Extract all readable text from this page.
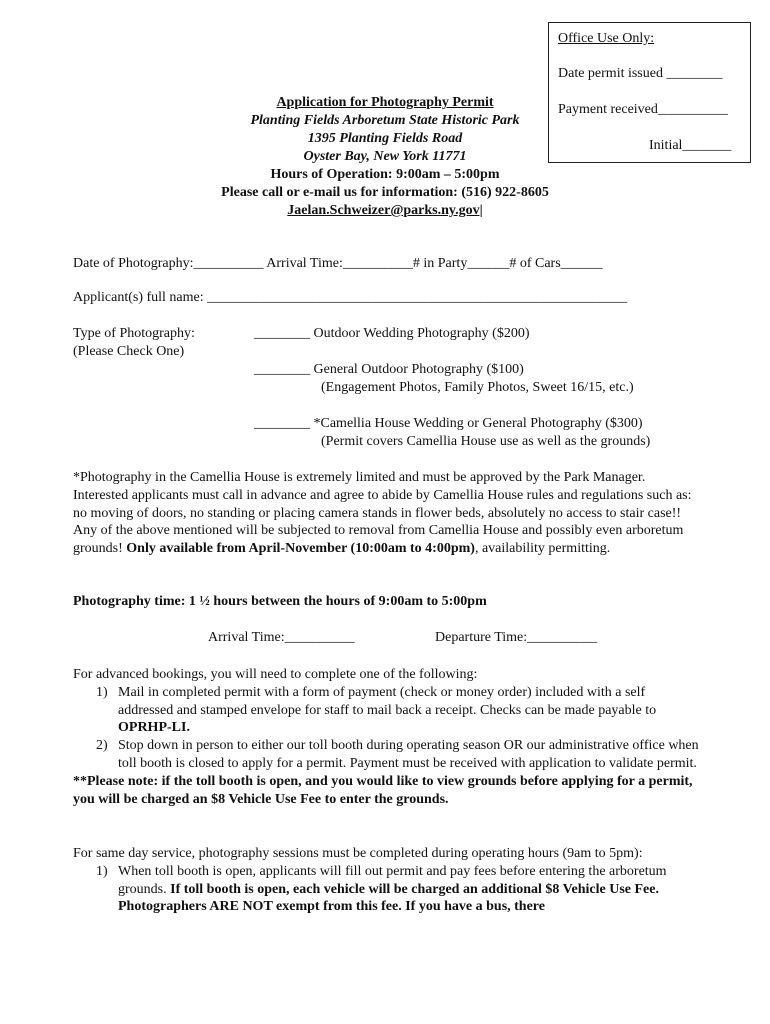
Office Use Only:
Date permit issued ________
Payment received__________
Initial_______
Application for Photography Permit
Planting Fields Arboretum State Historic Park
1395 Planting Fields Road
Oyster Bay, New York 11771
Hours of Operation: 9:00am – 5:00pm
Please call or e-mail us for information: (516) 922-8605
Jaelan.Schweizer@parks.ny.gov|
Date of Photography:__________ Arrival Time:__________# in Party______# of Cars______
Applicant(s) full name: ____________________________________________________________
Type of Photography:
(Please Check One)
________ Outdoor Wedding Photography ($200)
________ General Outdoor Photography ($100)
(Engagement Photos, Family Photos, Sweet 16/15, etc.)
________ *Camellia House Wedding or General Photography ($300)
(Permit covers Camellia House use as well as the grounds)
*Photography in the Camellia House is extremely limited and must be approved by the Park Manager. Interested applicants must call in advance and agree to abide by Camellia House rules and regulations such as: no moving of doors, no standing or placing camera stands in flower beds, absolutely no access to stair case!! Any of the above mentioned will be subjected to removal from Camellia House and possibly even arboretum grounds! Only available from April-November (10:00am to 4:00pm), availability permitting.
Photography time: 1 ½ hours between the hours of 9:00am to 5:00pm
Arrival Time:__________	Departure Time:__________
For advanced bookings, you will need to complete one of the following:
1) Mail in completed permit with a form of payment (check or money order) included with a self addressed and stamped envelope for staff to mail back a receipt. Checks can be made payable to OPRHP-LI.
2) Stop down in person to either our toll booth during operating season OR our administrative office when toll booth is closed to apply for a permit. Payment must be received with application to validate permit.
**Please note: if the toll booth is open, and you would like to view grounds before applying for a permit, you will be charged an $8 Vehicle Use Fee to enter the grounds.
For same day service, photography sessions must be completed during operating hours (9am to 5pm):
1) When toll booth is open, applicants will fill out permit and pay fees before entering the arboretum grounds. If toll booth is open, each vehicle will be charged an additional $8 Vehicle Use Fee. Photographers ARE NOT exempt from this fee. If you have a bus, there
